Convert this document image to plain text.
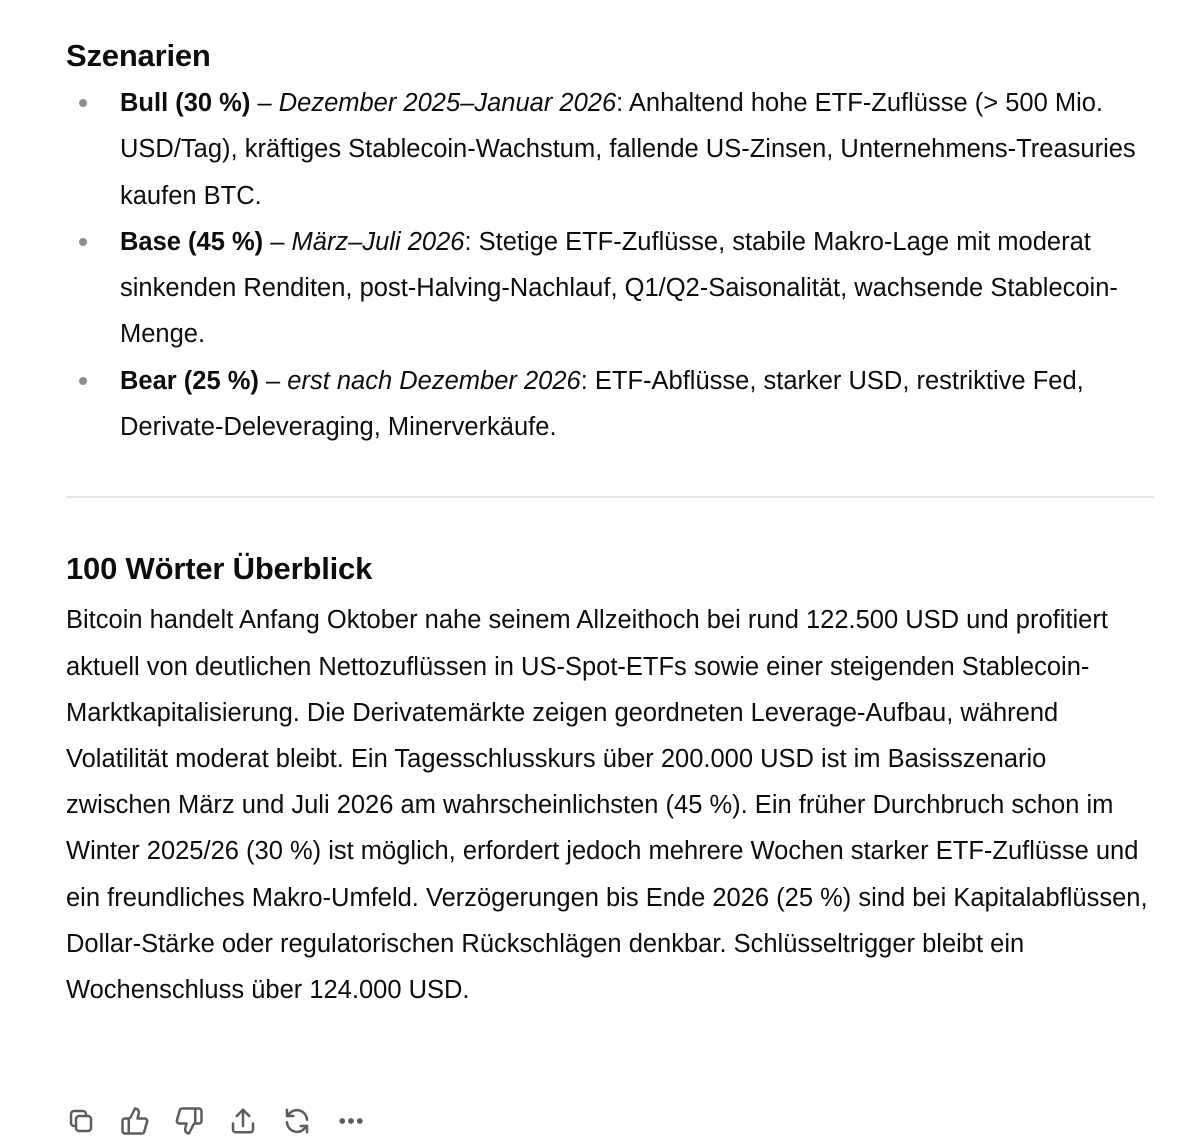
Szenarien
Bull (30 %) – Dezember 2025–Januar 2026: Anhaltend hohe ETF-Zuflüsse (> 500 Mio. USD/Tag), kräftiges Stablecoin-Wachstum, fallende US-Zinsen, Unternehmens-Treasuries kaufen BTC.
Base (45 %) – März–Juli 2026: Stetige ETF-Zuflüsse, stabile Makro-Lage mit moderat sinkenden Renditen, post-Halving-Nachlauf, Q1/Q2-Saisonalität, wachsende Stablecoin-Menge.
Bear (25 %) – erst nach Dezember 2026: ETF-Abflüsse, starker USD, restriktive Fed, Derivate-Deleveraging, Minerverkäufe.
100 Wörter Überblick

Bitcoin handelt Anfang Oktober nahe seinem Allzeithoch bei rund 122.500 USD und profitiert aktuell von deutlichen Nettozuflüssen in US-Spot-ETFs sowie einer steigenden Stablecoin-Marktkapitalisierung. Die Derivatemärkte zeigen geordneten Leverage-Aufbau, während Volatilität moderat bleibt. Ein Tagesschlusskurs über 200.000 USD ist im Basisszenario zwischen März und Juli 2026 am wahrscheinlichsten (45 %). Ein früher Durchbruch schon im Winter 2025/26 (30 %) ist möglich, erfordert jedoch mehrere Wochen starker ETF-Zuflüsse und ein freundliches Makro-Umfeld. Verzögerungen bis Ende 2026 (25 %) sind bei Kapitalabflüssen, Dollar-Stärke oder regulatorischen Rückschlägen denkbar. Schlüsseltrigger bleibt ein Wochenschluss über 124.000 USD.
